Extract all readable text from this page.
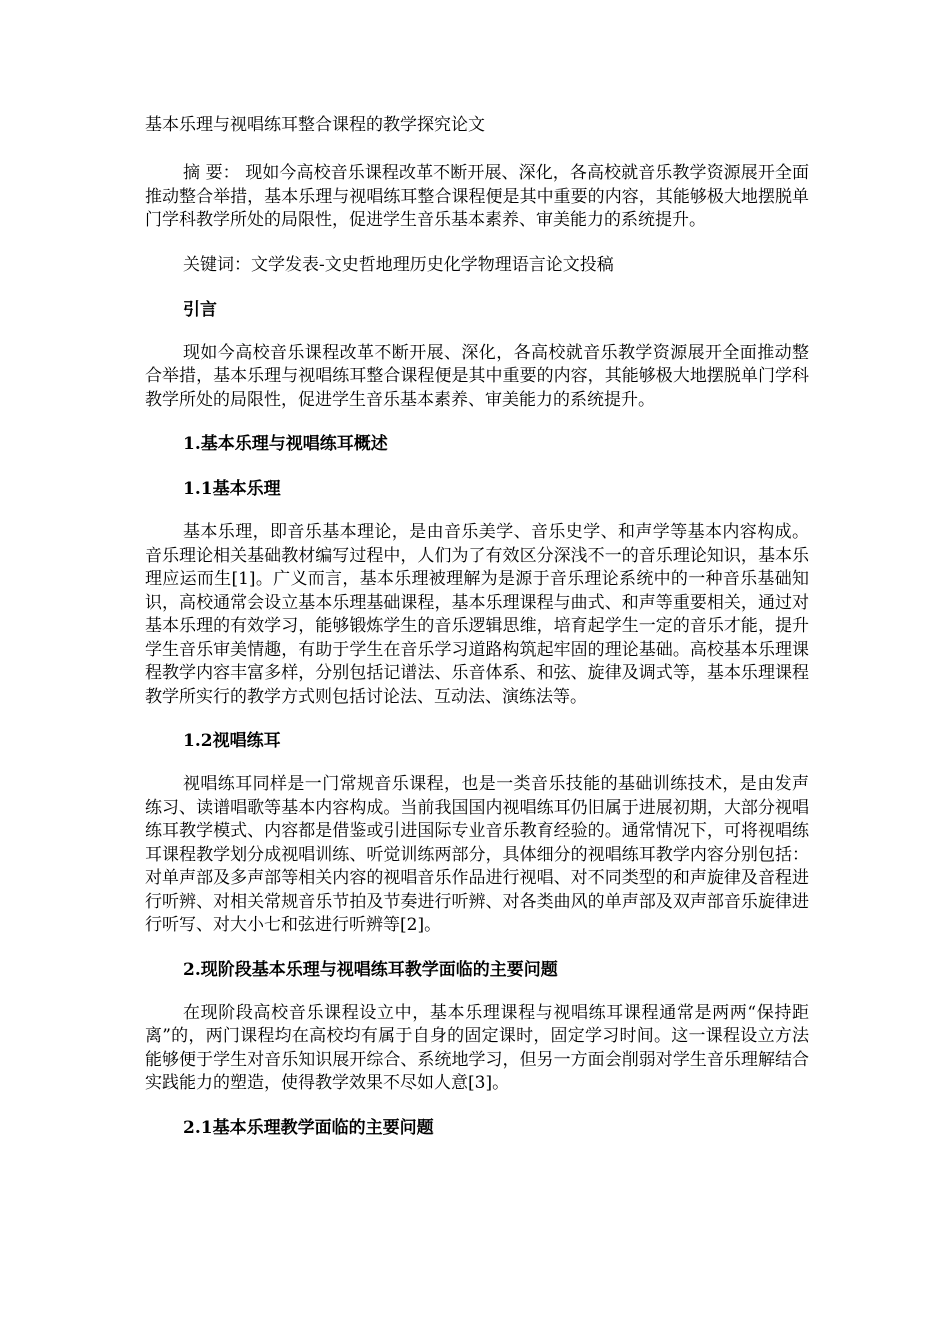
基本乐理与视唱练耳整合课程的教学探究论文
摘 要： 现如今高校音乐课程改革不断开展、深化，各高校就音乐教学资源展开全面推动整合举措，基本乐理与视唱练耳整合课程便是其中重要的内容，其能够极大地摆脱单门学科教学所处的局限性，促进学生音乐基本素养、审美能力的系统提升。
关键词：文学发表-文史哲地理历史化学物理语言论文投稿
引言
现如今高校音乐课程改革不断开展、深化，各高校就音乐教学资源展开全面推动整合举措，基本乐理与视唱练耳整合课程便是其中重要的内容，其能够极大地摆脱单门学科教学所处的局限性，促进学生音乐基本素养、审美能力的系统提升。
1.基本乐理与视唱练耳概述
1.1基本乐理
基本乐理，即音乐基本理论，是由音乐美学、音乐史学、和声学等基本内容构成。音乐理论相关基础教材编写过程中，人们为了有效区分深浅不一的音乐理论知识，基本乐理应运而生[1]。广义而言，基本乐理被理解为是源于音乐理论系统中的一种音乐基础知识，高校通常会设立基本乐理基础课程，基本乐理课程与曲式、和声等重要相关，通过对基本乐理的有效学习，能够锻炼学生的音乐逻辑思维，培育起学生一定的音乐才能，提升学生音乐审美情趣，有助于学生在音乐学习道路构筑起牢固的理论基础。高校基本乐理课程教学内容丰富多样，分别包括记谱法、乐音体系、和弦、旋律及调式等，基本乐理课程教学所实行的教学方式则包括讨论法、互动法、演练法等。
1.2视唱练耳
视唱练耳同样是一门常规音乐课程，也是一类音乐技能的基础训练技术，是由发声练习、读谱唱歌等基本内容构成。当前我国国内视唱练耳仍旧属于进展初期，大部分视唱练耳教学模式、内容都是借鉴或引进国际专业音乐教育经验的。通常情况下，可将视唱练耳课程教学划分成视唱训练、听觉训练两部分，具体细分的视唱练耳教学内容分别包括：对单声部及多声部等相关内容的视唱音乐作品进行视唱、对不同类型的和声旋律及音程进行听辨、对相关常规音乐节拍及节奏进行听辨、对各类曲风的单声部及双声部音乐旋律进行听写、对大小七和弦进行听辨等[2]。
2.现阶段基本乐理与视唱练耳教学面临的主要问题
在现阶段高校音乐课程设立中，基本乐理课程与视唱练耳课程通常是两两“保持距离”的，两门课程均在高校均有属于自身的固定课时，固定学习时间。这一课程设立方法能够便于学生对音乐知识展开综合、系统地学习，但另一方面会削弱对学生音乐理解结合实践能力的塑造，使得教学效果不尽如人意[3]。
2.1基本乐理教学面临的主要问题
